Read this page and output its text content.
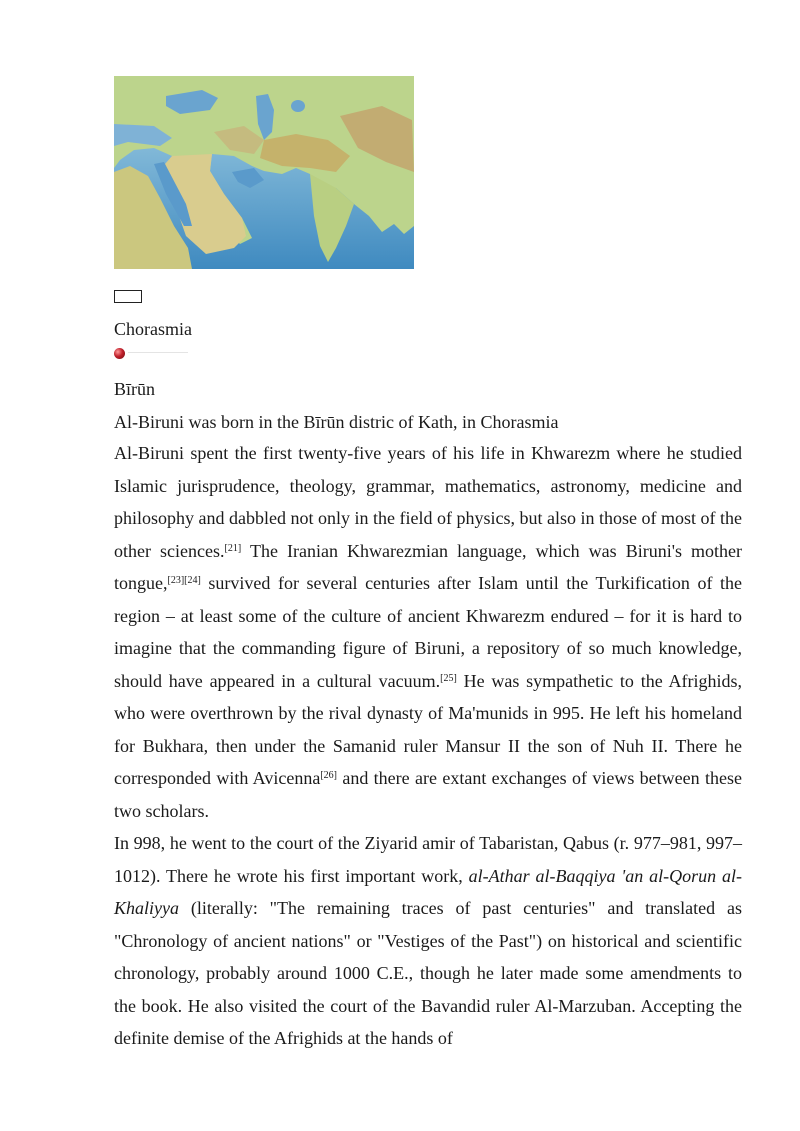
Chorasmia
Bīrūn
Al-Biruni was born in the Bīrūn distric of Kath, in Chorasmia

Al-Biruni spent the first twenty-five years of his life in Khwarezm where he studied Islamic jurisprudence, theology, grammar, mathematics, astronomy, medicine and philosophy and dabbled not only in the field of physics, but also in those of most of the other sciences.[21] The Iranian Khwarezmian language, which was Biruni's mother tongue,[23][24] survived for several centuries after Islam until the Turkification of the region – at least some of the culture of ancient Khwarezm endured – for it is hard to imagine that the commanding figure of Biruni, a repository of so much knowledge, should have appeared in a cultural vacuum.[25] He was sympathetic to the Afrighids, who were overthrown by the rival dynasty of Ma'munids in 995. He left his homeland for Bukhara, then under the Samanid ruler Mansur II the son of Nuh II. There he corresponded with Avicenna[26] and there are extant exchanges of views between these two scholars.

In 998, he went to the court of the Ziyarid amir of Tabaristan, Qabus (r. 977–981, 997–1012). There he wrote his first important work, al-Athar al-Baqqiya 'an al-Qorun al-Khaliyya (literally: "The remaining traces of past centuries" and translated as "Chronology of ancient nations" or "Vestiges of the Past") on historical and scientific chronology, probably around 1000 C.E., though he later made some amendments to the book. He also visited the court of the Bavandid ruler Al-Marzuban. Accepting the definite demise of the Afrighids at the hands of
